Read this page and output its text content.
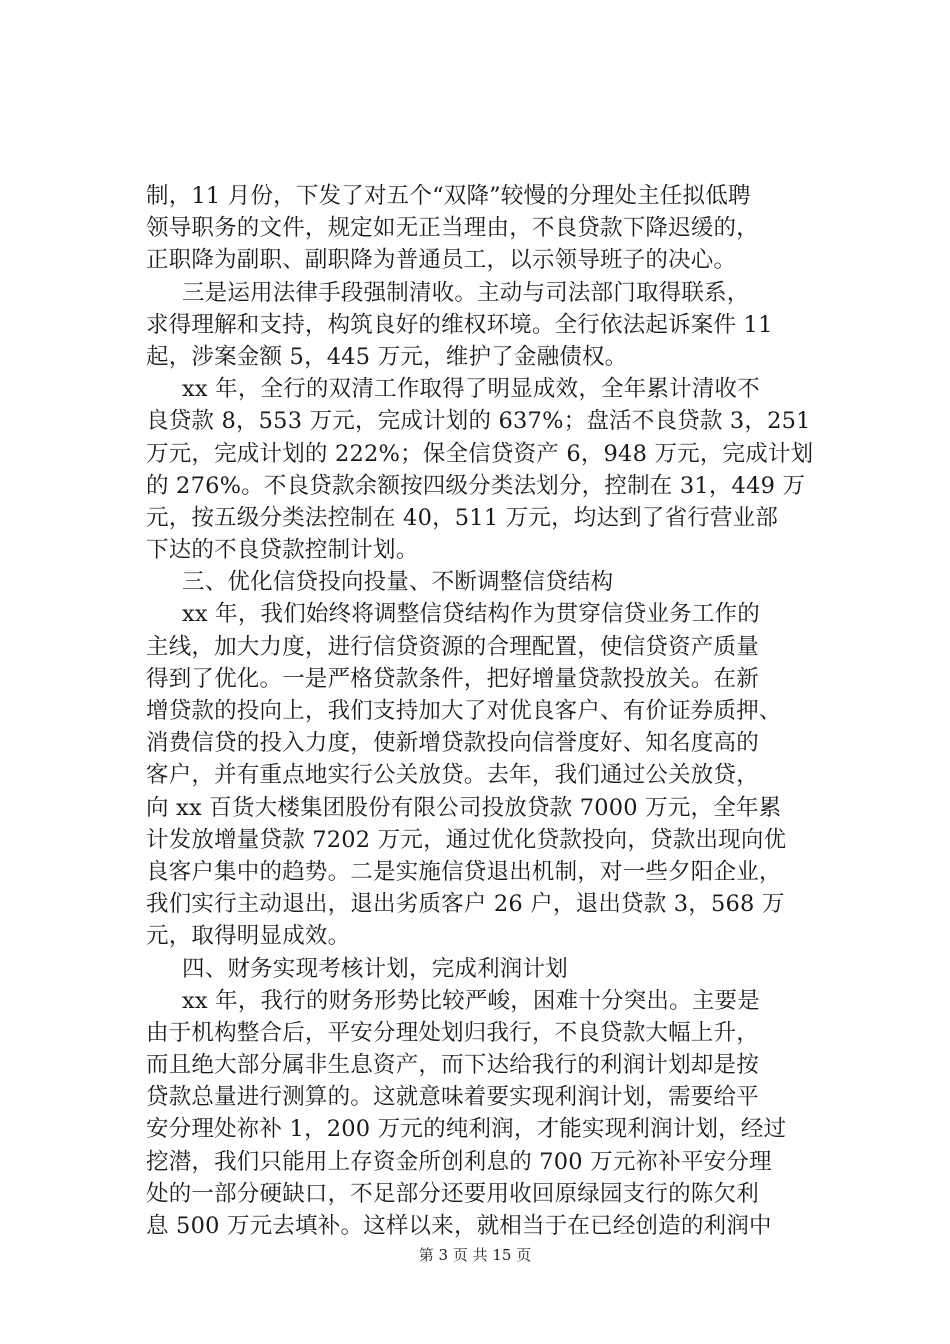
制，11 月份，下发了对五个“双降”较慢的分理处主任拟低聘
领导职务的文件，规定如无正当理由，不良贷款下降迟缓的，
正职降为副职、副职降为普通员工，以示领导班子的决心。
三是运用法律手段强制清收。主动与司法部门取得联系，
求得理解和支持，构筑良好的维权环境。全行依法起诉案件 11
起，涉案金额 5，445 万元，维护了金融债权。
xx 年，全行的双清工作取得了明显成效，全年累计清收不
良贷款 8，553 万元，完成计划的 637%；盘活不良贷款 3，251
万元，完成计划的 222%；保全信贷资产 6，948 万元，完成计划
的 276%。不良贷款余额按四级分类法划分，控制在 31，449 万
元，按五级分类法控制在 40，511 万元，均达到了省行营业部
下达的不良贷款控制计划。
三、优化信贷投向投量、不断调整信贷结构
xx 年，我们始终将调整信贷结构作为贯穿信贷业务工作的
主线，加大力度，进行信贷资源的合理配置，使信贷资产质量
得到了优化。一是严格贷款条件，把好增量贷款投放关。在新
增贷款的投向上，我们支持加大了对优良客户、有价证券质押、
消费信贷的投入力度，使新增贷款投向信誉度好、知名度高的
客户，并有重点地实行公关放贷。去年，我们通过公关放贷，
向 xx 百货大楼集团股份有限公司投放贷款 7000 万元，全年累
计发放增量贷款 7202 万元，通过优化贷款投向，贷款出现向优
良客户集中的趋势。二是实施信贷退出机制，对一些夕阳企业，
我们实行主动退出，退出劣质客户 26 户，退出贷款 3，568 万
元，取得明显成效。
四、财务实现考核计划，完成利润计划
xx 年，我行的财务形势比较严峻，困难十分突出。主要是
由于机构整合后，平安分理处划归我行，不良贷款大幅上升，
而且绝大部分属非生息资产，而下达给我行的利润计划却是按
贷款总量进行测算的。这就意味着要实现利润计划，需要给平
安分理处祢补 1，200 万元的纯利润，才能实现利润计划，经过
挖潜，我们只能用上存资金所创利息的 700 万元祢补平安分理
处的一部分硬缺口，不足部分还要用收回原绿园支行的陈欠利
息 500 万元去填补。这样以来，就相当于在已经创造的利润中
第 3 页 共 15 页
